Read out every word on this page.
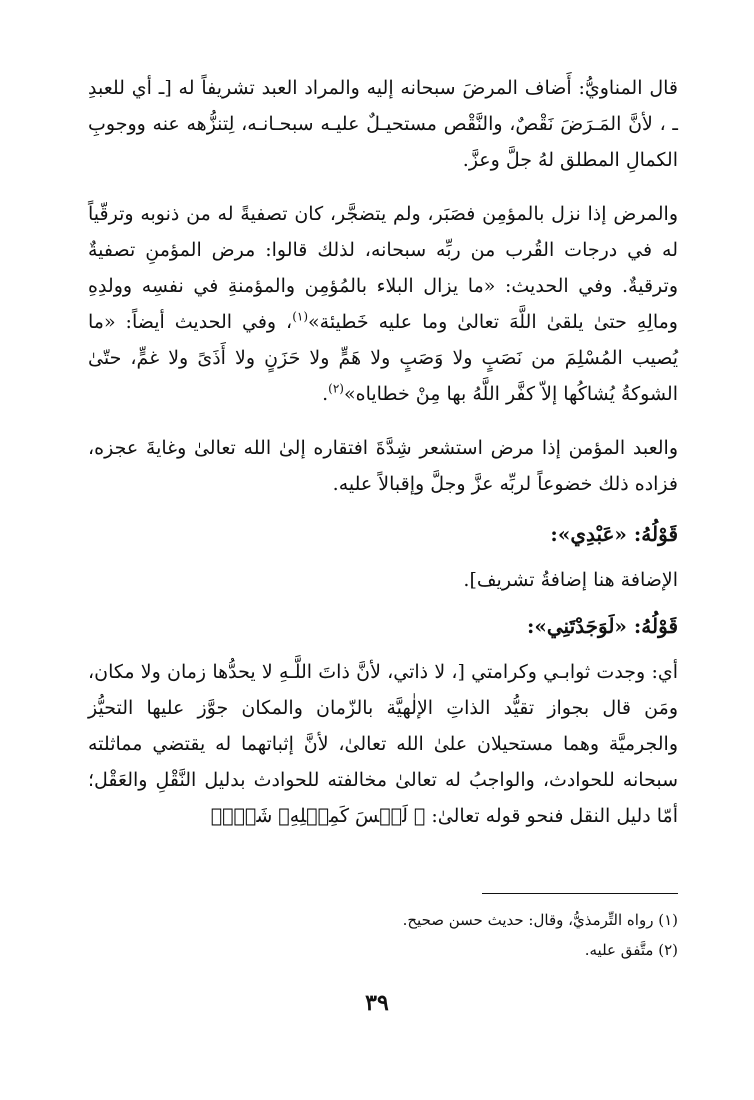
قال المناويُّ: أَضاف المرضَ سبحانه إليه والمراد العبد تشريفاً له [ـ أي للعبدِ ـ ، لأنَّ المَـرَضَ نَقْصٌ، والنَّقْص مستحيـلٌ عليـه سبحـانـه، لِتنزُّهه عنه ووجوبِ الكمالِ المطلق لهُ جلَّ وعزَّ.

والمرض إذا نزل بالمؤمِن فصَبَر، ولم يتضجَّر، كان تصفيةً له من ذنوبه وترقّياً له في درجات القُرب من ربِّه سبحانه، لذلك قالوا: مرض المؤمنِ تصفيةٌ وترقيةٌ. وفي الحديث: «ما يزال البلاء بالمُؤمِن والمؤمنةِ في نفسِه وولدِهِ ومالِهِ حتىٰ يلقىٰ اللَّهَ تعالىٰ وما عليه خَطيئة»$^{(١)}$، وفي الحديث أيضاً: «ما يُصيب المُسْلِمَ من نَصَبٍ ولا وَصَبٍ ولا هَمٍّ ولا حَزَنٍ ولا أَذَىً ولا غمٍّ، حتّىٰ الشوكةُ يُشاكُها إلاّ كفَّر اللَّهُ بها مِنْ خطاياه»$^{(٢)}$.

والعبد المؤمن إذا مرض استشعر شِدَّةَ افتقاره إلىٰ الله تعالىٰ وغايةَ عجزه، فزاده ذلك خضوعاً لربِّه عزَّ وجلَّ وإقبالاً عليه.

قَوْلُهُ: «عَبْدِي»:
الإضافة هنا إضافةُ تشريف].
قَوْلُهُ: «لَوَجَدْتَنِي»:

أي: وجدت ثوابـي وكرامتي [، لا ذاتي، لأنَّ ذاتَ اللَّـهِ لا يحدُّها زمان ولا مكان، ومَن قال بجواز تقيُّد الذاتِ الإلٰهيَّة بالزّمان والمكان جوَّز عليها التحيُّز والجرميَّة وهما مستحيلان علىٰ الله تعالىٰ، لأنَّ إثباتهما له يقتضي مماثلته سبحانه للحوادث، والواجبُ له تعالىٰ مخالفته للحوادث بدليل النَّقْلِ والعَقْل؛ أمّا دليل النقل فنحو قوله تعالىٰ: ﴿ لَيۡسَ كَمِثۡلِهِۦ شَيۡءٞ

(١) رواه التِّرمذيُّ، وقال: حديث حسن صحيح.
(٢) متَّفق عليه.
٣٩
